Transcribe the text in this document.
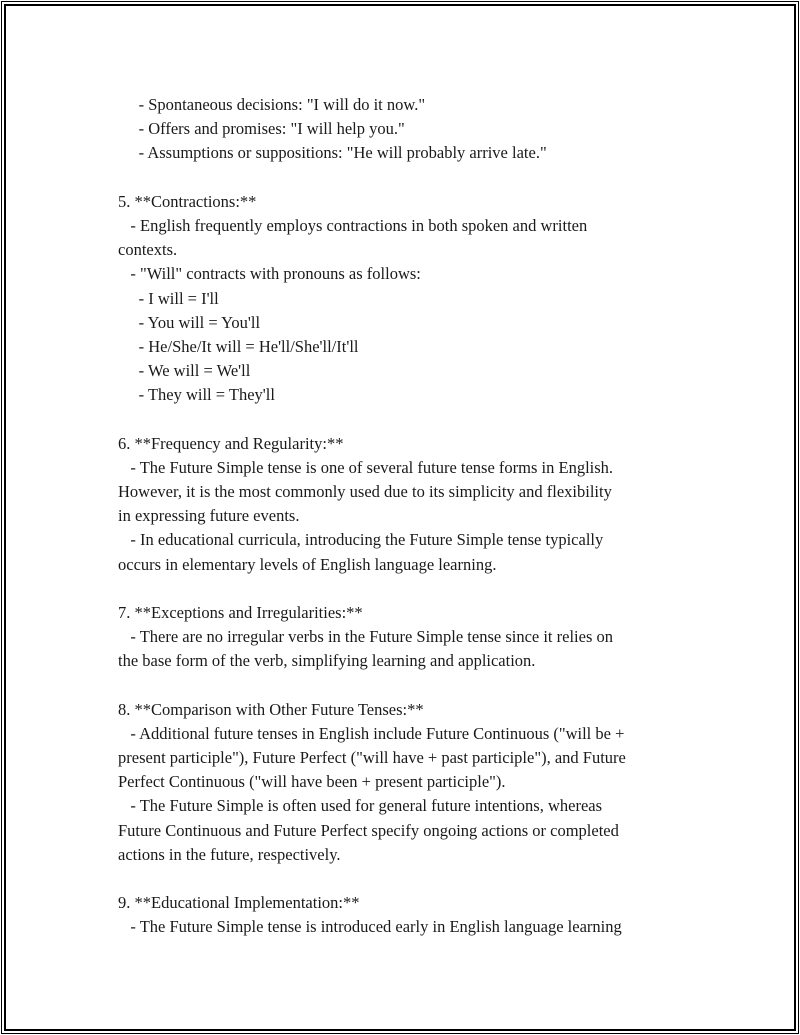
- Spontaneous decisions: "I will do it now."
- Offers and promises: "I will help you."
- Assumptions or suppositions: "He will probably arrive late."
5. **Contractions:**
- English frequently employs contractions in both spoken and written
contexts.
- "Will" contracts with pronouns as follows:
- I will = I'll
- You will = You'll
- He/She/It will = He'll/She'll/It'll
- We will = We'll
- They will = They'll
6. **Frequency and Regularity:**
- The Future Simple tense is one of several future tense forms in English.
However, it is the most commonly used due to its simplicity and flexibility
in expressing future events.
- In educational curricula, introducing the Future Simple tense typically
occurs in elementary levels of English language learning.
7. **Exceptions and Irregularities:**
- There are no irregular verbs in the Future Simple tense since it relies on
the base form of the verb, simplifying learning and application.
8. **Comparison with Other Future Tenses:**
- Additional future tenses in English include Future Continuous ("will be +
present participle"), Future Perfect ("will have + past participle"), and Future
Perfect Continuous ("will have been + present participle").
- The Future Simple is often used for general future intentions, whereas
Future Continuous and Future Perfect specify ongoing actions or completed
actions in the future, respectively.
9. **Educational Implementation:**
- The Future Simple tense is introduced early in English language learning
